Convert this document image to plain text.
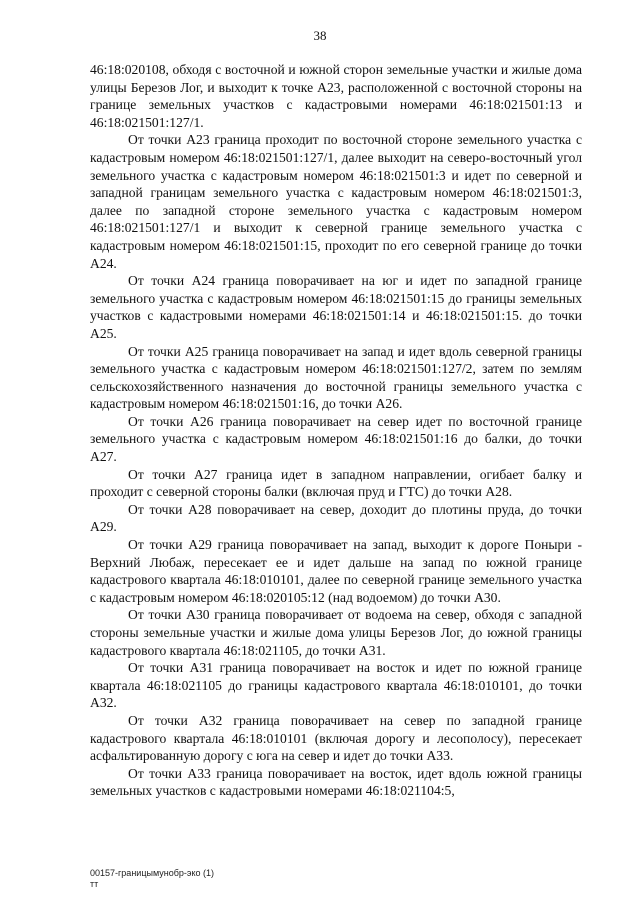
38

46:18:020108, обходя с восточной и южной сторон земельные участки и жилые дома улицы Березов Лог, и выходит к точке А23, расположенной с восточной стороны на границе земельных участков с кадастровыми номерами 46:18:021501:13 и 46:18:021501:127/1.

От точки А23 граница проходит по восточной стороне земельного участка с кадастровым номером 46:18:021501:127/1, далее выходит на северо-восточный угол земельного участка с кадастровым номером 46:18:021501:3 и идет по северной и западной границам земельного участка с кадастровым номером 46:18:021501:3, далее по западной стороне земельного участка с кадастровым номером 46:18:021501:127/1 и выходит к северной границе земельного участка с кадастровым номером 46:18:021501:15, проходит по его северной границе до точки А24.

От точки А24 граница поворачивает на юг и идет по западной границе земельного участка с кадастровым номером 46:18:021501:15 до границы земельных участков с кадастровыми номерами 46:18:021501:14 и 46:18:021501:15. до точки А25.

От точки А25 граница поворачивает на запад и идет вдоль северной границы земельного участка с кадастровым номером 46:18:021501:127/2, затем по землям сельскохозяйственного назначения до восточной границы земельного участка с кадастровым номером 46:18:021501:16, до точки А26.

От точки А26 граница поворачивает на север идет по восточной границе земельного участка с кадастровым номером 46:18:021501:16 до балки, до точки А27.

От точки А27 граница идет в западном направлении, огибает балку и проходит с северной стороны балки (включая пруд и ГТС) до точки А28.

От точки А28 поворачивает на север, доходит до плотины пруда, до точки А29.

От точки А29 граница поворачивает на запад, выходит к дороге Поныри - Верхний Любаж, пересекает ее и идет дальше на запад по южной границе кадастрового квартала 46:18:010101, далее по северной границе земельного участка с кадастровым номером 46:18:020105:12 (над водоемом) до точки А30.

От точки А30 граница поворачивает от водоема на север, обходя с западной стороны земельные участки и жилые дома улицы Березов Лог, до южной границы кадастрового квартала 46:18:021105, до точки А31.

От точки А31 граница поворачивает на восток и идет по южной границе квартала 46:18:021105 до границы кадастрового квартала 46:18:010101, до точки А32.

От точки А32 граница поворачивает на север по западной границе кадастрового квартала 46:18:010101 (включая дорогу и лесополосу), пересекает асфальтированную дорогу с юга на север и идет до точки А33.

От точки А33 граница поворачивает на восток, идет вдоль южной границы земельных участков с кадастровыми номерами 46:18:021104:5,

00157-границымунобр-эко (1)
тт
